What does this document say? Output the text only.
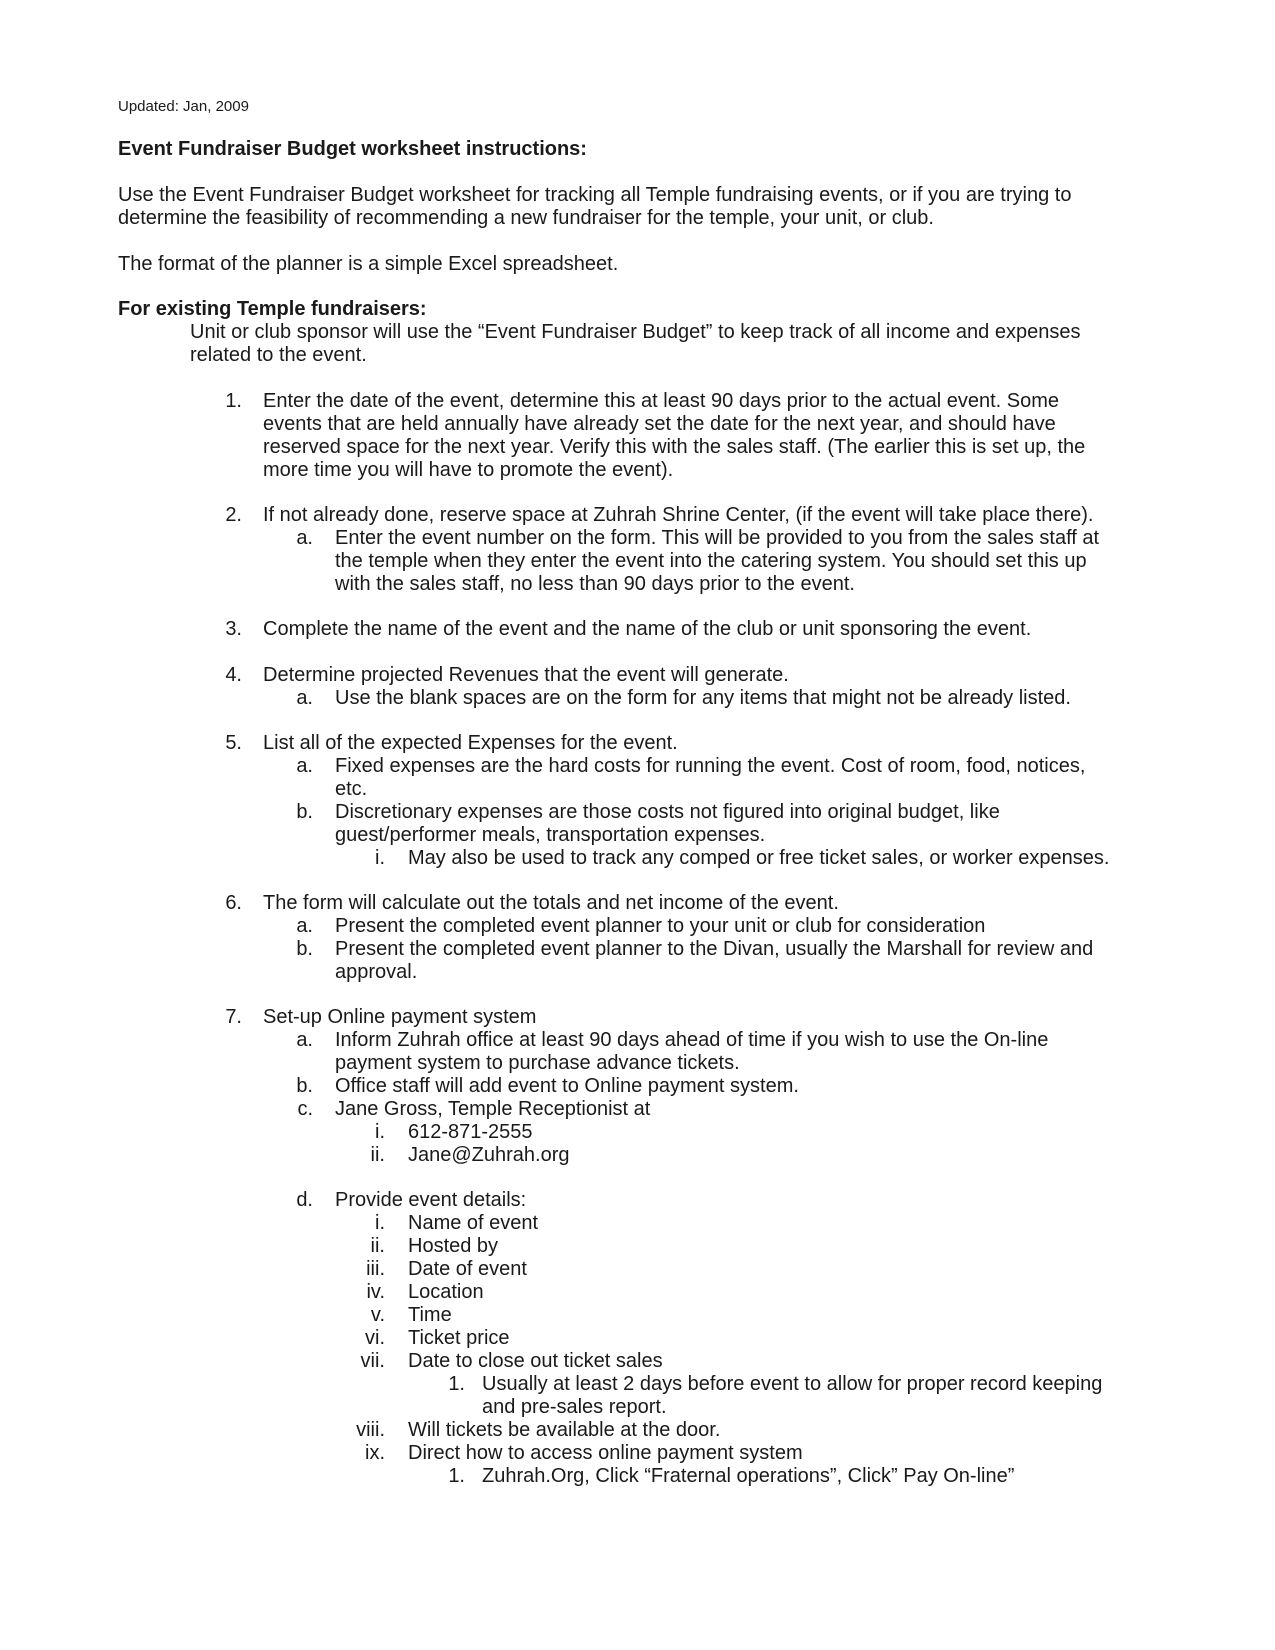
Updated: Jan, 2009
Event Fundraiser Budget worksheet instructions:
Use the Event Fundraiser Budget worksheet for tracking all Temple fundraising events, or if you are trying to
determine the feasibility of recommending a new fundraiser for the temple, your unit, or club.
The format of the planner is a simple Excel spreadsheet.
For existing Temple fundraisers:
Unit or club sponsor will use the “Event Fundraiser Budget” to keep track of all income and expenses
related to the event.
1. Enter the date of the event, determine this at least 90 days prior to the actual event. Some
events that are held annually have already set the date for the next year, and should have
reserved space for the next year. Verify this with the sales staff. (The earlier this is set up, the
more time you will have to promote the event).
2. If not already done, reserve space at Zuhrah Shrine Center, (if the event will take place there).
a. Enter the event number on the form. This will be provided to you from the sales staff at
the temple when they enter the event into the catering system. You should set this up
with the sales staff, no less than 90 days prior to the event.
3. Complete the name of the event and the name of the club or unit sponsoring the event.
4. Determine projected Revenues that the event will generate.
a. Use the blank spaces are on the form for any items that might not be already listed.
5. List all of the expected Expenses for the event.
a. Fixed expenses are the hard costs for running the event. Cost of room, food, notices,
etc.
b. Discretionary expenses are those costs not figured into original budget, like
guest/performer meals, transportation expenses.
i. May also be used to track any comped or free ticket sales, or worker expenses.
6. The form will calculate out the totals and net income of the event.
a. Present the completed event planner to your unit or club for consideration
b. Present the completed event planner to the Divan, usually the Marshall for review and
approval.
7. Set-up Online payment system
a. Inform Zuhrah office at least 90 days ahead of time if you wish to use the On-line
payment system to purchase advance tickets.
b. Office staff will add event to Online payment system.
c. Jane Gross, Temple Receptionist at
i. 612-871-2555
ii. Jane@Zuhrah.org
d. Provide event details:
i. Name of event
ii. Hosted by
iii. Date of event
iv. Location
v. Time
vi. Ticket price
vii. Date to close out ticket sales
1. Usually at least 2 days before event to allow for proper record keeping
and pre-sales report.
viii. Will tickets be available at the door.
ix. Direct how to access online payment system
1. Zuhrah.Org, Click “Fraternal operations”, Click” Pay On-line”
